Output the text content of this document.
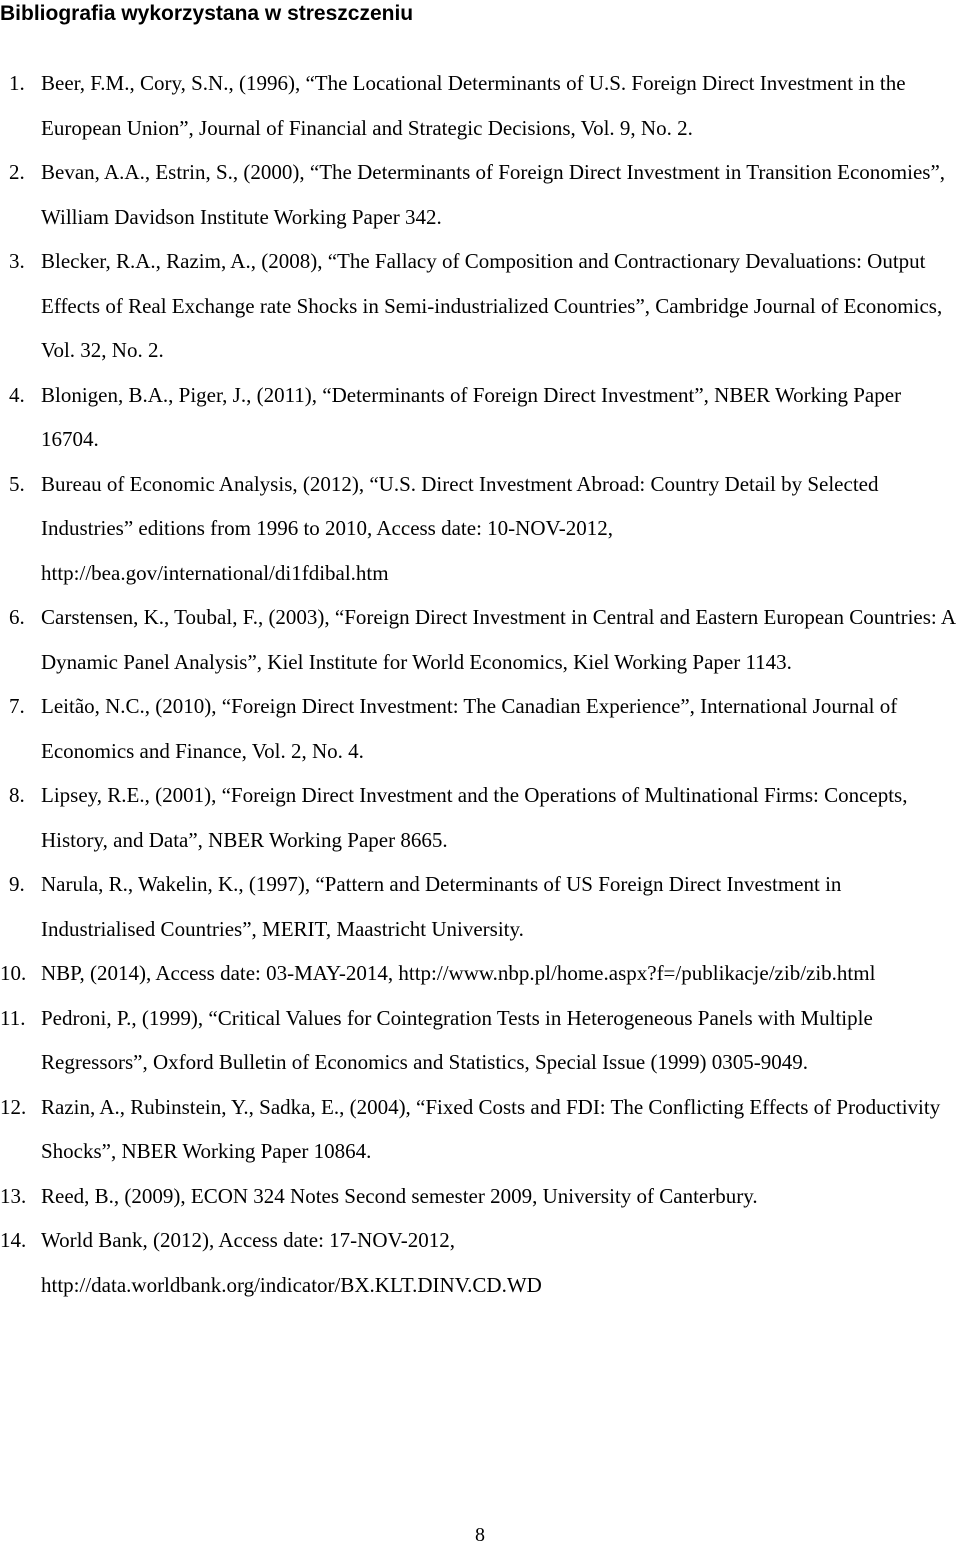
Bibliografia wykorzystana w streszczeniu
1. Beer, F.M., Cory, S.N., (1996), “The Locational Determinants of U.S. Foreign Direct Investment in the European Union”, Journal of Financial and Strategic Decisions, Vol. 9, No. 2.
2. Bevan, A.A., Estrin, S., (2000), “The Determinants of Foreign Direct Investment in Transition Economies”, William Davidson Institute Working Paper 342.
3. Blecker, R.A., Razim, A., (2008), “The Fallacy of Composition and Contractionary Devaluations: Output Effects of Real Exchange rate Shocks in Semi-industrialized Countries”, Cambridge Journal of Economics, Vol. 32, No. 2.
4. Blonigen, B.A., Piger, J., (2011), “Determinants of Foreign Direct Investment”, NBER Working Paper 16704.
5. Bureau of Economic Analysis, (2012), “U.S. Direct Investment Abroad: Country Detail by Selected Industries” editions from 1996 to 2010, Access date: 10-NOV-2012, http://bea.gov/international/di1fdibal.htm
6. Carstensen, K., Toubal, F., (2003), “Foreign Direct Investment in Central and Eastern European Countries: A Dynamic Panel Analysis”, Kiel Institute for World Economics, Kiel Working Paper 1143.
7. Leitão, N.C., (2010), “Foreign Direct Investment: The Canadian Experience”, International Journal of Economics and Finance, Vol. 2, No. 4.
8. Lipsey, R.E., (2001), “Foreign Direct Investment and the Operations of Multinational Firms: Concepts, History, and Data”, NBER Working Paper 8665.
9. Narula, R., Wakelin, K., (1997), “Pattern and Determinants of US Foreign Direct Investment in Industrialised Countries”, MERIT, Maastricht University.
10. NBP, (2014), Access date: 03-MAY-2014, http://www.nbp.pl/home.aspx?f=/publikacje/zib/zib.html
11. Pedroni, P., (1999), “Critical Values for Cointegration Tests in Heterogeneous Panels with Multiple Regressors”, Oxford Bulletin of Economics and Statistics, Special Issue (1999) 0305-9049.
12. Razin, A., Rubinstein, Y., Sadka, E., (2004), “Fixed Costs and FDI: The Conflicting Effects of Productivity Shocks”, NBER Working Paper 10864.
13. Reed, B., (2009), ECON 324 Notes Second semester 2009, University of Canterbury.
14. World Bank, (2012), Access date: 17-NOV-2012, http://data.worldbank.org/indicator/BX.KLT.DINV.CD.WD
8
